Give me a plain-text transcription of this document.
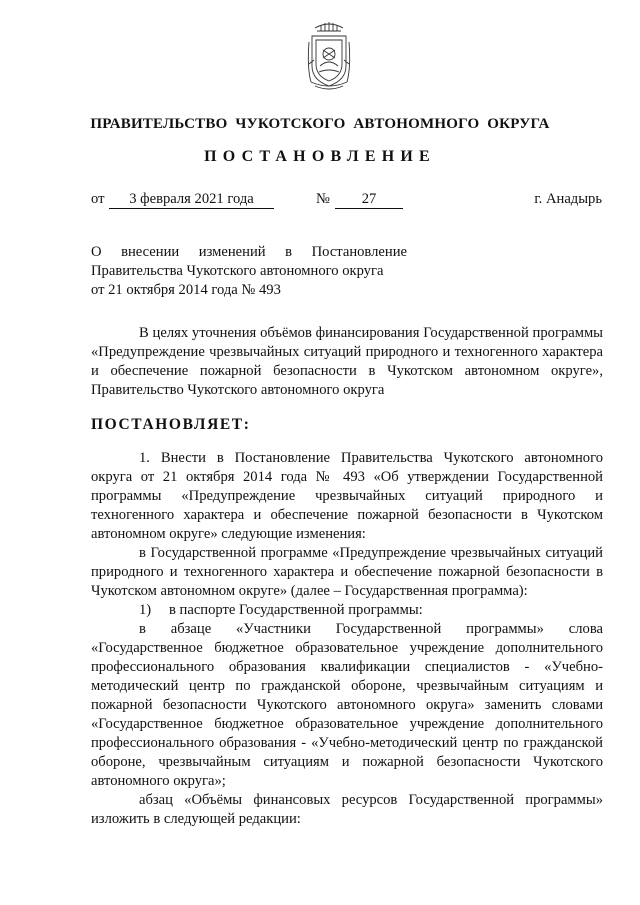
ПРАВИТЕЛЬСТВО ЧУКОТСКОГО АВТОНОМНОГО ОКРУГА
ПОСТАНОВЛЕНИЕ
от	3 февраля 2021 года	№	27	г. Анадырь
О внесении изменений в Постановление
Правительства Чукотского автономного округа
от 21 октября 2014 года № 493

В целях уточнения объёмов финансирования Государственной программы «Предупреждение чрезвычайных ситуаций природного и техногенного характера и обеспечение пожарной безопасности в Чукотском автономном округе», Правительство Чукотского автономного округа

ПОСТАНОВЛЯЕТ:

1. Внести в Постановление Правительства Чукотского автономного округа от 21 октября 2014 года № 493 «Об утверждении Государственной программы «Предупреждение чрезвычайных ситуаций природного и техногенного характера и обеспечение пожарной безопасности в Чукотском автономном округе» следующие изменения:

в Государственной программе «Предупреждение чрезвычайных ситуаций природного и техногенного характера и обеспечение пожарной безопасности в Чукотском автономном округе» (далее – Государственная программа):

1)	в паспорте Государственной программы:

в абзаце «Участники Государственной программы» слова «Государственное бюджетное образовательное учреждение дополнительного профессионального образования квалификации специалистов - «Учебно-методический центр по гражданской обороне, чрезвычайным ситуациям и пожарной безопасности Чукотского автономного округа» заменить словами «Государственное бюджетное образовательное учреждение дополнительного профессионального образования - «Учебно-методический центр по гражданской обороне, чрезвычайным ситуациям и пожарной безопасности Чукотского автономного округа»;

абзац «Объёмы финансовых ресурсов Государственной программы» изложить в следующей редакции:
